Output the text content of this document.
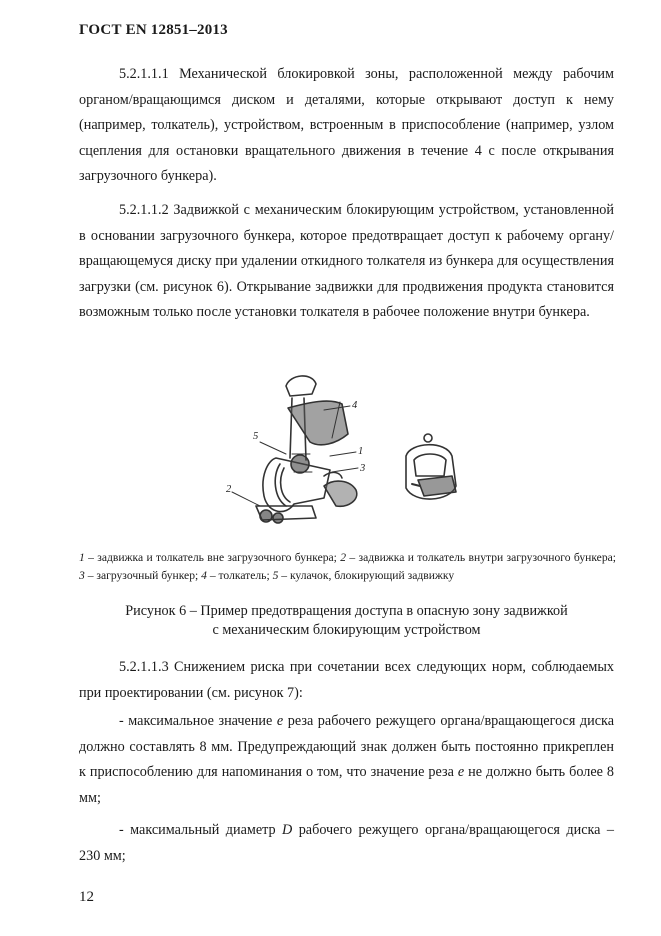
ГОСТ EN 12851–2013

5.2.1.1.1 Механической блокировкой зоны, расположенной между рабочим органом/вращающимся диском и деталями, которые открывают доступ к нему (например, толкатель), устройством, встроенным в приспособление (например, узлом сцепления для остановки вращательного движения в течение 4 с после открывания загрузочного бункера).

5.2.1.1.2 Задвижкой с механическим блокирующим устройством, установленной в основании загрузочного бункера, которое предотвращает доступ к рабочему органу/вращающемуся диску при удалении откидного толкателя из бункера для осуществления загрузки (см. рисунок 6). Открывание задвижки для продвижения продукта становится возможным только после установки толкателя в рабочее положение внутри бункера.

4
1
3
5
2

1 – задвижка и толкатель вне загрузочного бункера; 2 – задвижка и толкатель внутри загрузочного бункера; 3 – загрузочный бункер; 4 – толкатель; 5 – кулачок, блокирующий задвижку

Рисунок 6 – Пример предотвращения доступа в опасную зону задвижкой
с механическим блокирующим устройством

5.2.1.1.3 Снижением риска при сочетании всех следующих норм, соблюдаемых при проектировании (см. рисунок 7):

- максимальное значение e реза рабочего режущего органа/вращающегося диска должно составлять 8 мм. Предупреждающий знак должен быть постоянно прикреплен к приспособлению для напоминания о том, что значение реза e не должно быть более 8 мм;

- максимальный диаметр D рабочего режущего органа/вращающегося диска – 230 мм;

12
